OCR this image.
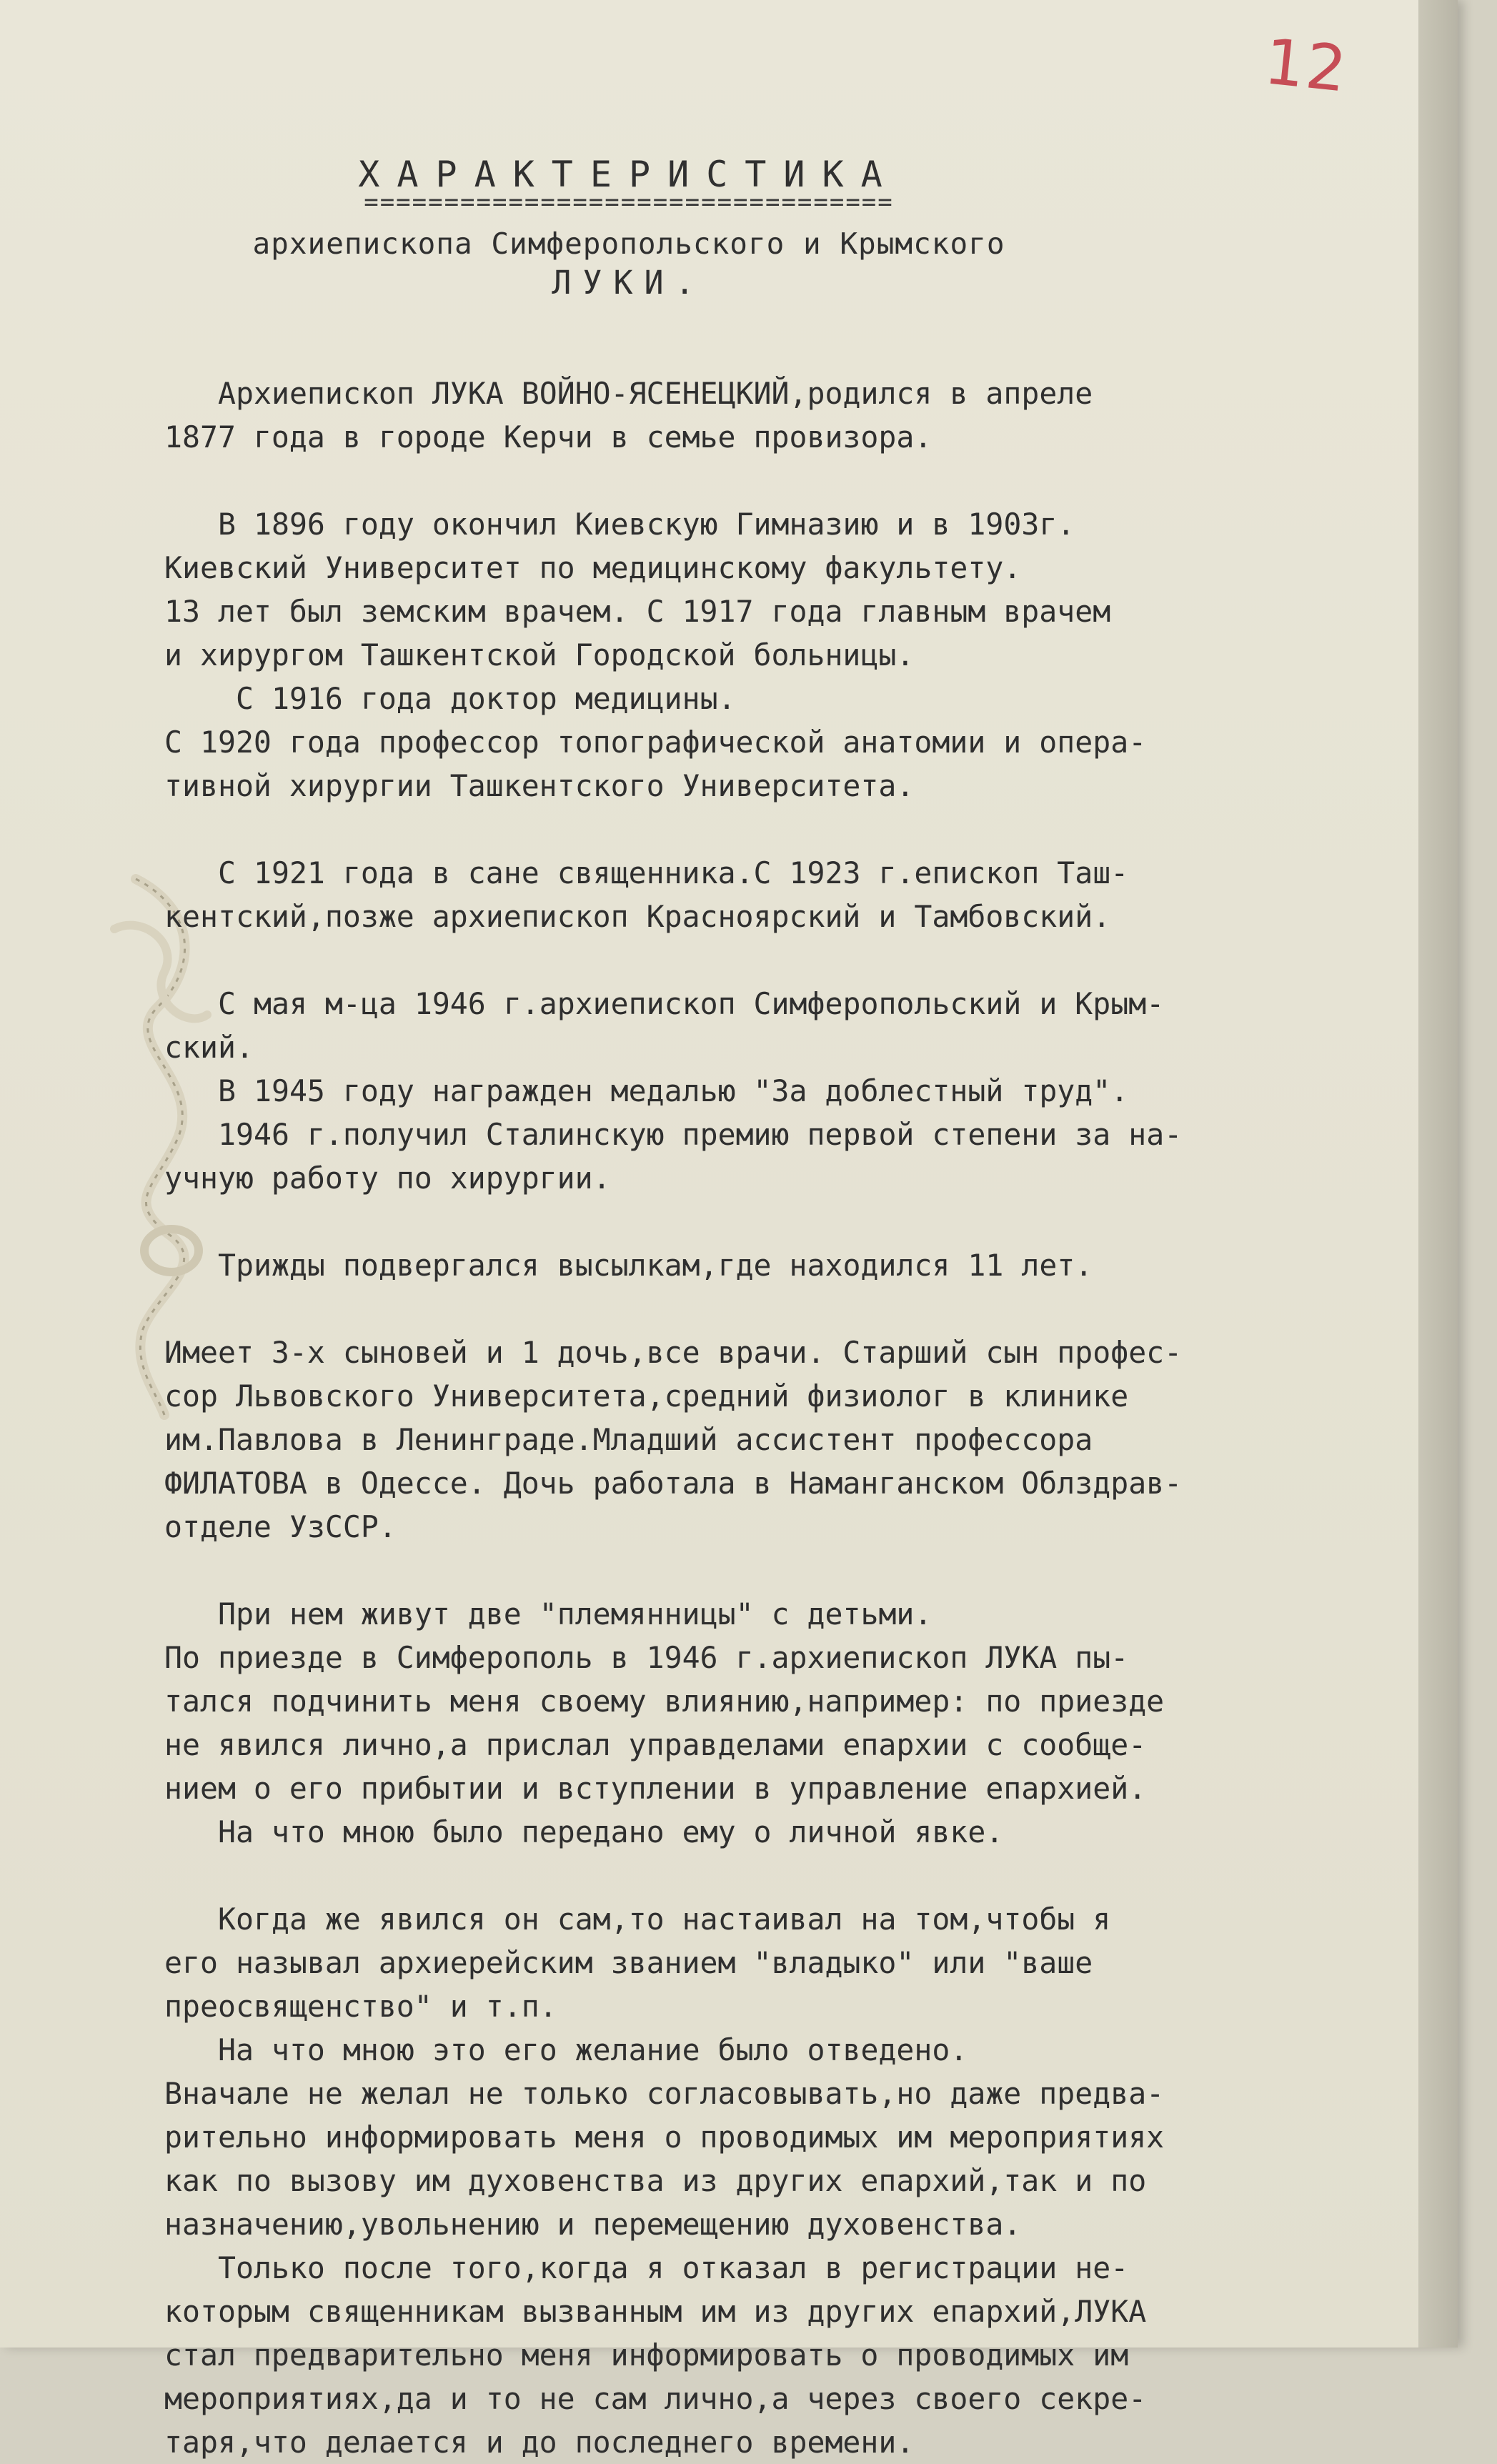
12
ХАРАКТЕРИСТИКА
=================================
архиепископа Симферопольского и Крымского
ЛУКИ.
Архиепископ ЛУКА ВОЙНО-ЯСЕНЕЦКИЙ,родился в апреле
1877 года в городе Керчи в семье провизора.
В 1896 году окончил Киевскую Гимназию и в 1903г.
Киевский Университет по медицинскому факультету.
13 лет был земским врачем. С 1917 года главным врачем
и хирургом Ташкентской Городской больницы.
С 1916 года доктор медицины.
С 1920 года профессор топографической анатомии и опера-
тивной хирургии Ташкентского Университета.
С 1921 года в сане священника.С 1923 г.епископ Таш-
кентский,позже архиепископ Красноярский и Тамбовский.
С мая м-ца 1946 г.архиепископ Симферопольский и Крым-
ский.
В 1945 году награжден медалью "За доблестный труд".
1946 г.получил Сталинскую премию первой степени за на-
учную работу по хирургии.
Трижды подвергался высылкам,где находился 11 лет.
Имеет 3-х сыновей и 1 дочь,все врачи. Старший сын профес-
сор Львовского Университета,средний физиолог в клинике
им.Павлова в Ленинграде.Младший ассистент профессора
ФИЛАТОВА в Одессе. Дочь работала в Наманганском Облздрав-
отделе УзССР.
При нем живут две "племянницы" с детьми.
По приезде в Симферополь в 1946 г.архиепископ ЛУКА пы-
тался подчинить меня своему влиянию,например: по приезде
не явился лично,а прислал управделами епархии с сообще-
нием о его прибытии и вступлении в управление епархией.
На что мною было передано ему о личной явке.
Когда же явился он сам,то настаивал на том,чтобы я
его называл архиерейским званием "владыко" или "ваше
преосвященство" и т.п.
На что мною это его желание было отведено.
Вначале не желал не только согласовывать,но даже предва-
рительно информировать меня о проводимых им мероприятиях
как по вызову им духовенства из других епархий,так и по
назначению,увольнению и перемещению духовенства.
Только после того,когда я отказал в регистрации не-
которым священникам вызванным им из других епархий,ЛУКА
стал предварительно меня информировать о проводимых им
мероприятиях,да и то не сам лично,а через своего секре-
таря,что делается и до последнего времени.
